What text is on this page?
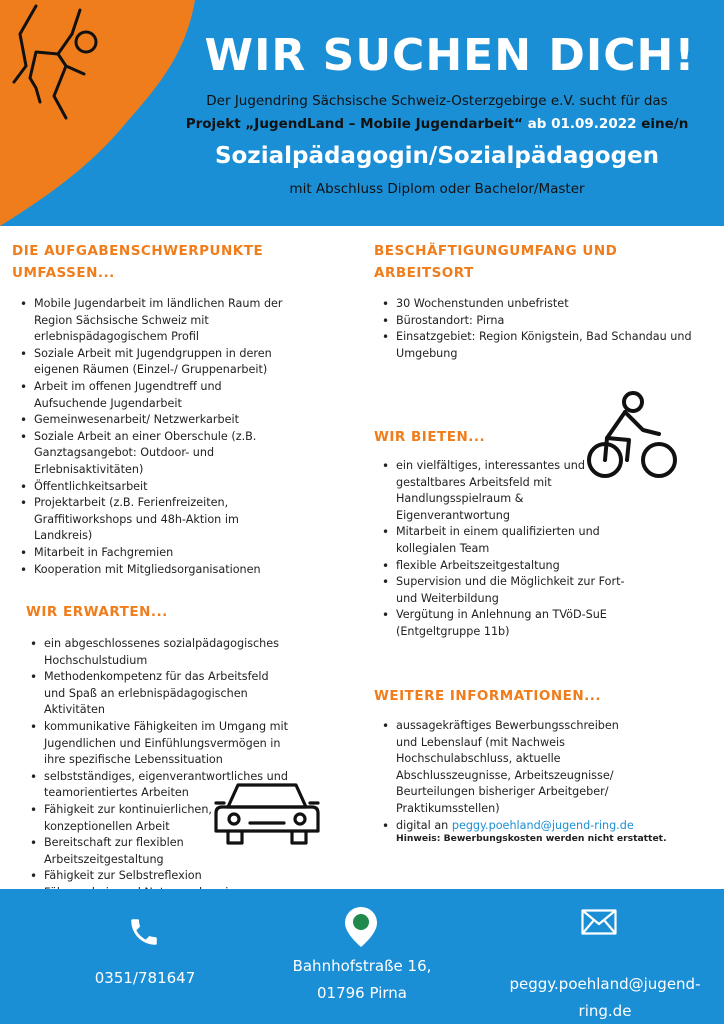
WIR SUCHEN DICH!
Der Jugendring Sächsische Schweiz-Osterzgebirge e.V. sucht für das
Projekt „JugendLand – Mobile Jugendarbeit“ ab 01.09.2022 eine/n
Sozialpädagogin/Sozialpädagogen
mit Abschluss Diplom oder Bachelor/Master
DIE AUFGABENSCHWERPUNKTE
UMFASSEN...
• Mobile Jugendarbeit im ländlichen Raum der Region Sächsische Schweiz mit erlebnispädagogischem Profil
• Soziale Arbeit mit Jugendgruppen in deren eigenen Räumen (Einzel-/ Gruppenarbeit)
• Arbeit im offenen Jugendtreff und Aufsuchende Jugendarbeit
• Gemeinwesenarbeit/ Netzwerkarbeit
• Soziale Arbeit an einer Oberschule (z.B. Ganztagsangebot: Outdoor- und Erlebnisaktivitäten)
• Öffentlichkeitsarbeit
• Projektarbeit (z.B. Ferienfreizeiten, Graffitiworkshops und 48h-Aktion im Landkreis)
• Mitarbeit in Fachgremien
• Kooperation mit Mitgliedsorganisationen
WIR ERWARTEN...
• ein abgeschlossenes sozialpädagogisches Hochschulstudium
• Methodenkompetenz für das Arbeitsfeld und Spaß an erlebnispädagogischen Aktivitäten
• kommunikative Fähigkeiten im Umgang mit Jugendlichen und Einfühlungsvermögen in ihre spezifische Lebenssituation
• selbstständiges, eigenverantwortliches und teamorientiertes Arbeiten
• Fähigkeit zur kontinuierlichen, konzeptionellen Arbeit
• Bereitschaft zur flexiblen Arbeitszeitgestaltung
• Fähigkeit zur Selbstreflexion
•
BESCHÄFTIGUNGUMFANG UND
ARBEITSORT
• 30 Wochenstunden unbefristet
• Bürostandort: Pirna
• Einsatzgebiet: Region Königstein, Bad Schandau und Umgebung
WIR BIETEN...
• ein vielfältiges, interessantes und gestaltbares Arbeitsfeld mit Handlungsspielraum & Eigenverantwortung
• Mitarbeit in einem qualifizierten und kollegialen Team
• flexible Arbeitszeitgestaltung
• Supervision und die Möglichkeit zur Fort- und Weiterbildung
• Vergütung in Anlehnung an TVöD-SuE (Entgeltgruppe 11b)
WEITERE INFORMATIONEN...
• aussagekräftiges Bewerbungsschreiben und Lebenslauf (mit Nachweis Hochschulabschluss, aktuelle Abschlusszeugnisse, Arbeitszeugnisse/ Beurteilungen bisheriger Arbeitgeber/ Praktikumsstellen)
• digital an peggy.poehland@jugend-ring.de
Hinweis: Bewerbungskosten werden nicht erstattet.
0351/781647
Bahnhofstraße 16,
01796 Pirna	peggy.poehland@jugend-
ring.de
